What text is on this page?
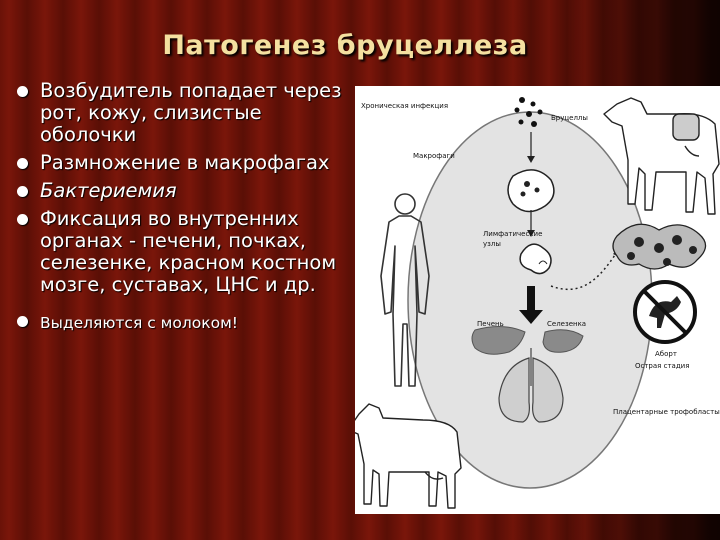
Патогенез бруцеллеза
Возбудитель попадает через рот, кожу, слизистые оболочки
Размножение в макрофагах
Бактериемия
Фиксация во внутренних органах - печени, почках, селезенке, красном костном мозге, суставах, ЦНС и др.
Выделяются с молоком!
Хроническая инфекция
Бруцеллы
Макрофаги
Лимфатические
узлы
Печень	Селезенка
Аборт
Острая стадия
Плацентарные трофобласты
